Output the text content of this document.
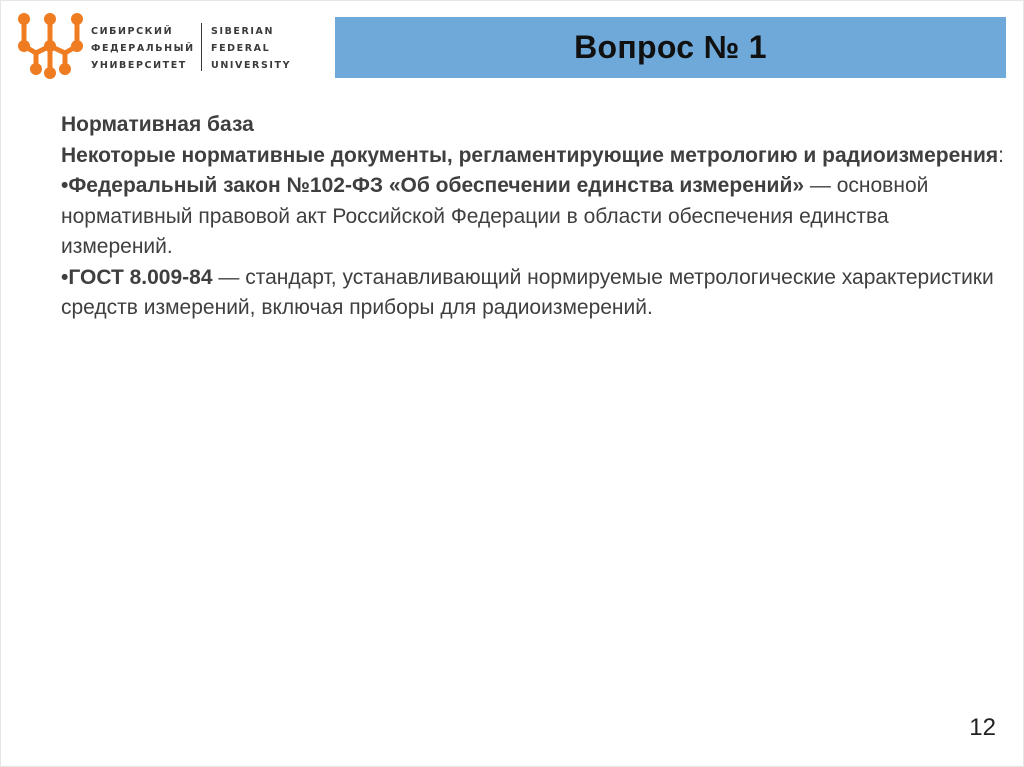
СИБИРСКИЙ
ФЕДЕРАЛЬНЫЙ
УНИВЕРСИТЕТ
SIBERIAN
FEDERAL
UNIVERSITY
Вопрос № 1

Нормативная база

Некоторые нормативные документы, регламентирующие метрологию и радиоизмерения:

•Федеральный закон №102-ФЗ «Об обеспечении единства измерений» — основной нормативный правовой акт Российской Федерации в области обеспечения единства измерений.

•ГОСТ 8.009-84 — стандарт, устанавливающий нормируемые метрологические характеристики средств измерений, включая приборы для радиоизмерений.

12
